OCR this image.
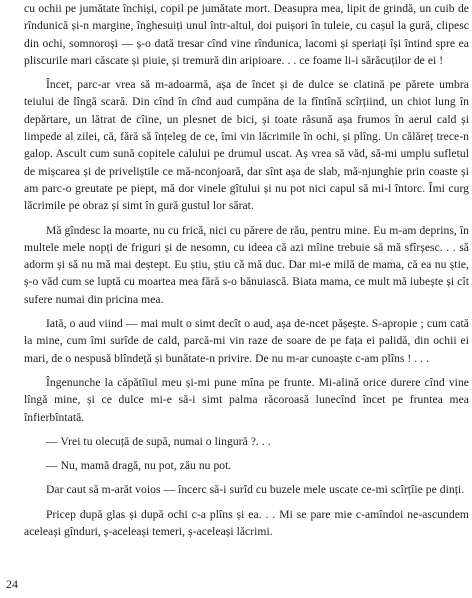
cu ochii pe jumătate închiși, copil pe jumătate mort. Deasupra mea, lipit de grindă, un cuib de rîndunică și-n margine, înghesuiți unul într-altul, doi puișori în tuleie, cu cașul la gură, clipesc din ochi, somnoroși — ș-o dată tresar cînd vine rîndunica, lacomi și speriați își întind spre ea pliscurile mari căscate și piuie, și tremură din aripioare. . . ce foame li-i sărăcuților de ei !

Încet, parc-ar vrea să m-adoarmă, așa de încet și de dulce se clatină pe părete umbra teiului de lîngă scară. Din cînd în cînd aud cumpăna de la fîntînă scîrțiind, un chiot lung în depărtare, un lătrat de cîine, un plesnet de bici, și toate răsună așa frumos în aerul cald și limpede al zilei, că, fără să înțeleg de ce, îmi vin lăcrimile în ochi, și plîng. Un călăreț trece-n galop. Ascult cum sună copitele calului pe drumul uscat. Aș vrea să văd, să-mi umplu sufletul de mișcarea și de priveliștile ce mă-nconjoară, dar sînt așa de slab, mă-njunghie prin coaste și am parc-o greutate pe piept, mă dor vinele gîtului și nu pot nici capul să mi-l întorc. Îmi curg lăcrimile pe obraz și simt în gură gustul lor sărat.

Mă gîndesc la moarte, nu cu frică, nici cu părere de rău, pentru mine. Eu m-am deprins, în multele mele nopți de friguri și de nesomn, cu ideea că azi mîine trebuie să mă sfîrșesc. . . să adorm și să nu mă mai deștept. Eu știu, știu că mă duc. Dar mi-e milă de mama, că ea nu știe, ș-o văd cum se luptă cu moartea mea fără s-o bănuiască. Biata mama, ce mult mă iubește și cît sufere numai din pricina mea.

Iată, o aud viind — mai mult o simt decît o aud, așa de-ncet pășește. S-apropie ; cum cată la mine, cum îmi surîde de cald, parcă-mi vin raze de soare de pe fața ei palidă, din ochii ei mari, de o nespusă blîndeță și bunătate-n privire. De nu m-ar cunoaște c-am plîns ! . . .

Îngenunche la căpătîiul meu și-mi pune mîna pe frunte. Mi-alină orice durere cînd vine lîngă mine, și ce dulce mi-e să-i simt palma răcoroasă lunecînd încet pe fruntea mea înfierbîntată.

— Vrei tu olecuță de supă, numai o lingură ?. . .

— Nu, mamă dragă, nu pot, zău nu pot.

Dar caut să m-arăt voios — încerc să-i surîd cu buzele mele uscate ce-mi scîrțîie pe dinți.

Pricep după glas și după ochi c-a plîns și ea. . . Mi se pare mie c-amîndoi ne-ascundem aceleași gînduri, ș-aceleași temeri, ș-aceleași lăcrimi.

24
